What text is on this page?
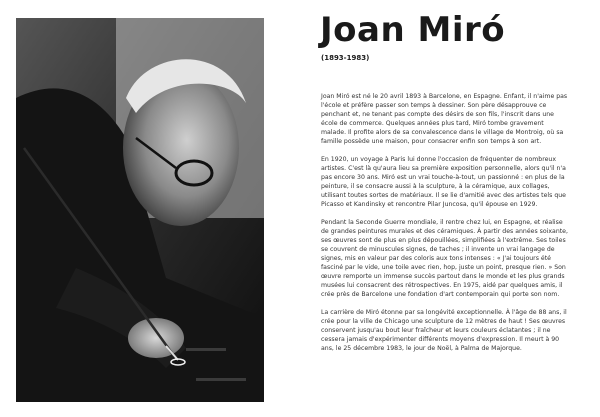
Joan Miró

(1893-1983)

Joan Miró est né le 20 avril 1893 à Barcelone, en Espagne. Enfant, il n'aime pas l'école et préfère passer son temps à dessiner. Son père désapprouve ce penchant et, ne tenant pas compte des désirs de son fils, l'inscrit dans une école de commerce. Quelques années plus tard, Miró tombe gravement malade. Il profite alors de sa convalescence dans le village de Montroig, où sa famille possède une maison, pour consacrer enfin son temps à son art.

En 1920, un voyage à Paris lui donne l'occasion de fréquenter de nombreux artistes. C'est là qu'aura lieu sa première exposition personnelle, alors qu'il n'a pas encore 30 ans. Miró est un vrai touche-à-tout, un passionné : en plus de la peinture, il se consacre aussi à la sculpture, à la céramique, aux collages, utilisant toutes sortes de matériaux. Il se lie d'amitié avec des artistes tels que Picasso et Kandinsky et rencontre Pilar Juncosa, qu'il épouse en 1929.

Pendant la Seconde Guerre mondiale, il rentre chez lui, en Espagne, et réalise de grandes peintures murales et des céramiques. À partir des années soixante, ses œuvres sont de plus en plus dépouillées, simplifiées à l'extrême. Ses toiles se couvrent de minuscules signes, de taches ; il invente un vrai langage de signes, mis en valeur par des coloris aux tons intenses : « J'ai toujours été fasciné par le vide, une toile avec rien, hop, juste un point, presque rien. » Son œuvre remporte un immense succès partout dans le monde et les plus grands musées lui consacrent des rétrospectives. En 1975, aidé par quelques amis, il crée près de Barcelone une fondation d'art contemporain qui porte son nom.

La carrière de Miró étonne par sa longévité exceptionnelle. À l'âge de 88 ans, il crée pour la ville de Chicago une sculpture de 12 mètres de haut ! Ses œuvres conservent jusqu'au bout leur fraîcheur et leurs couleurs éclatantes ; il ne cessera jamais d'expérimenter différents moyens d'expression. Il meurt à 90 ans, le 25 décembre 1983, le jour de Noël, à Palma de Majorque.
